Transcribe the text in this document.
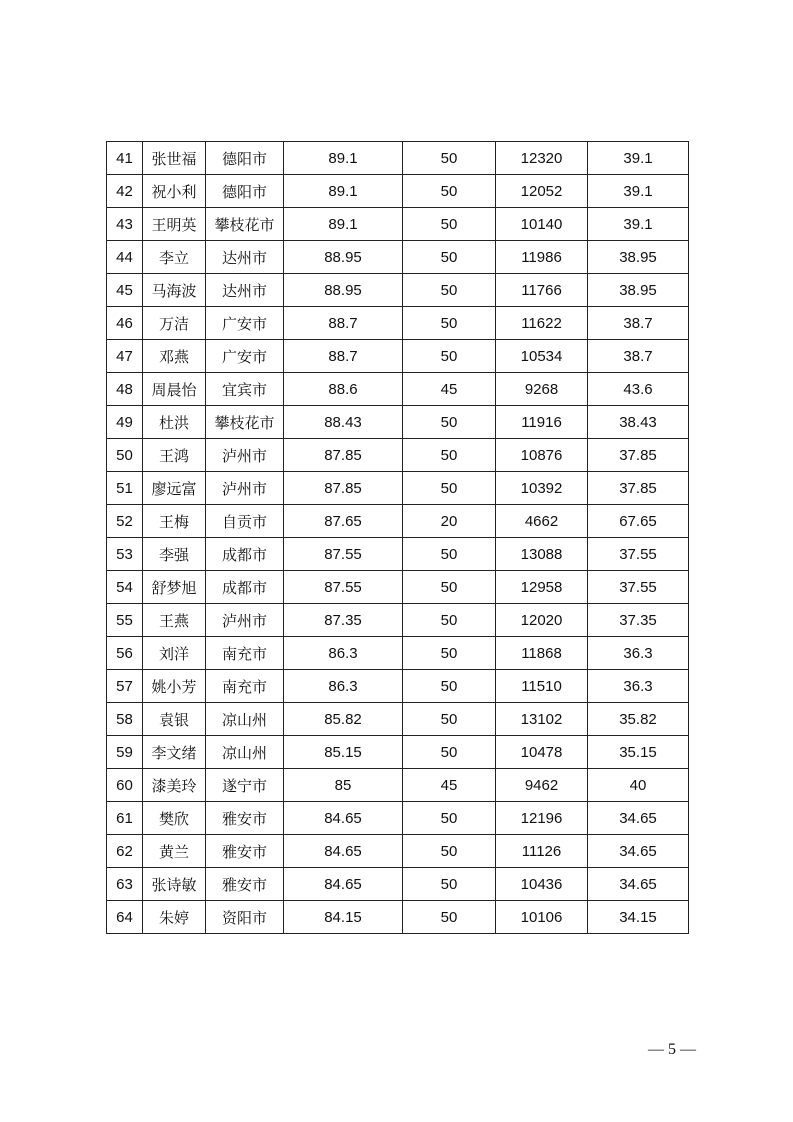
41	张世福	德阳市	89.1	50	12320	39.1
42	祝小利	德阳市	89.1	50	12052	39.1
43	王明英	攀枝花市	89.1	50	10140	39.1
44	李立	达州市	88.95	50	11986	38.95
45	马海波	达州市	88.95	50	11766	38.95
46	万洁	广安市	88.7	50	11622	38.7
47	邓燕	广安市	88.7	50	10534	38.7
48	周晨怡	宜宾市	88.6	45	9268	43.6
49	杜洪	攀枝花市	88.43	50	11916	38.43
50	王鸿	泸州市	87.85	50	10876	37.85
51	廖远富	泸州市	87.85	50	10392	37.85
52	王梅	自贡市	87.65	20	4662	67.65
53	李强	成都市	87.55	50	13088	37.55
54	舒梦旭	成都市	87.55	50	12958	37.55
55	王燕	泸州市	87.35	50	12020	37.35
56	刘洋	南充市	86.3	50	11868	36.3
57	姚小芳	南充市	86.3	50	11510	36.3
58	袁银	凉山州	85.82	50	13102	35.82
59	李文绪	凉山州	85.15	50	10478	35.15
60	漆美玲	遂宁市	85	45	9462	40
61	樊欣	雅安市	84.65	50	12196	34.65
62	黄兰	雅安市	84.65	50	11126	34.65
63	张诗敏	雅安市	84.65	50	10436	34.65
64	朱婷	资阳市	84.15	50	10106	34.15
— 5 —
